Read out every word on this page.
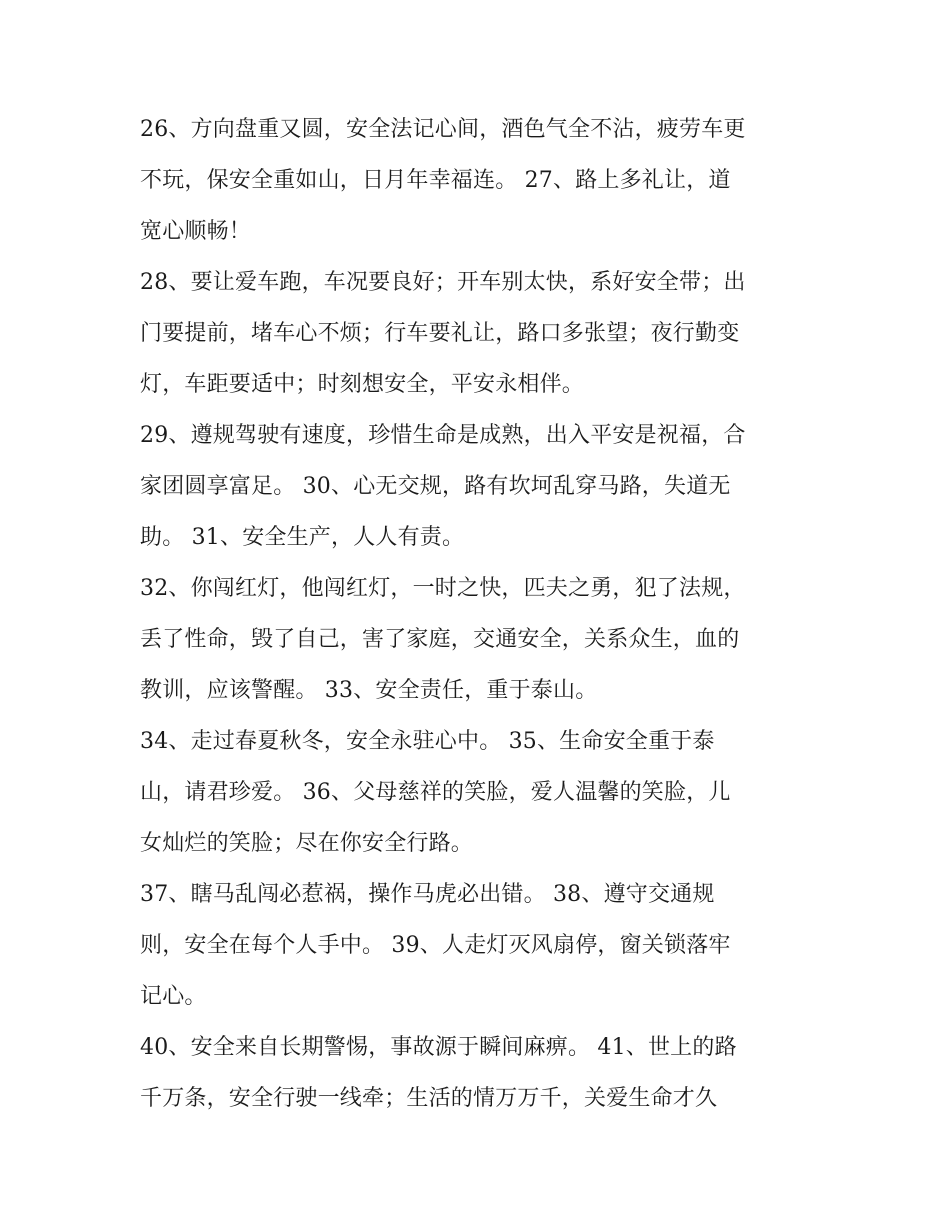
26、方向盘重又圆，安全法记心间，酒色气全不沾，疲劳车更
不玩，保安全重如山，日月年幸福连。 27、路上多礼让，道
宽心顺畅！

28、要让爱车跑，车况要良好；开车别太快，系好安全带；出
门要提前，堵车心不烦；行车要礼让，路口多张望；夜行勤变
灯，车距要适中；时刻想安全，平安永相伴。

29、遵规驾驶有速度，珍惜生命是成熟，出入平安是祝福，合
家团圆享富足。 30、心无交规，路有坎坷乱穿马路，失道无
助。 31、安全生产，人人有责。

32、你闯红灯，他闯红灯，一时之快，匹夫之勇，犯了法规，
丢了性命，毁了自己，害了家庭，交通安全，关系众生，血的
教训，应该警醒。 33、安全责任，重于泰山。

34、走过春夏秋冬，安全永驻心中。 35、生命安全重于泰
山，请君珍爱。 36、父母慈祥的笑脸，爱人温馨的笑脸，儿
女灿烂的笑脸；尽在你安全行路。

37、瞎马乱闯必惹祸，操作马虎必出错。 38、遵守交通规
则，安全在每个人手中。 39、人走灯灭风扇停，窗关锁落牢
记心。

40、安全来自长期警惕，事故源于瞬间麻痹。 41、世上的路
千万条，安全行驶一线牵；生活的情万万千，关爱生命才久
